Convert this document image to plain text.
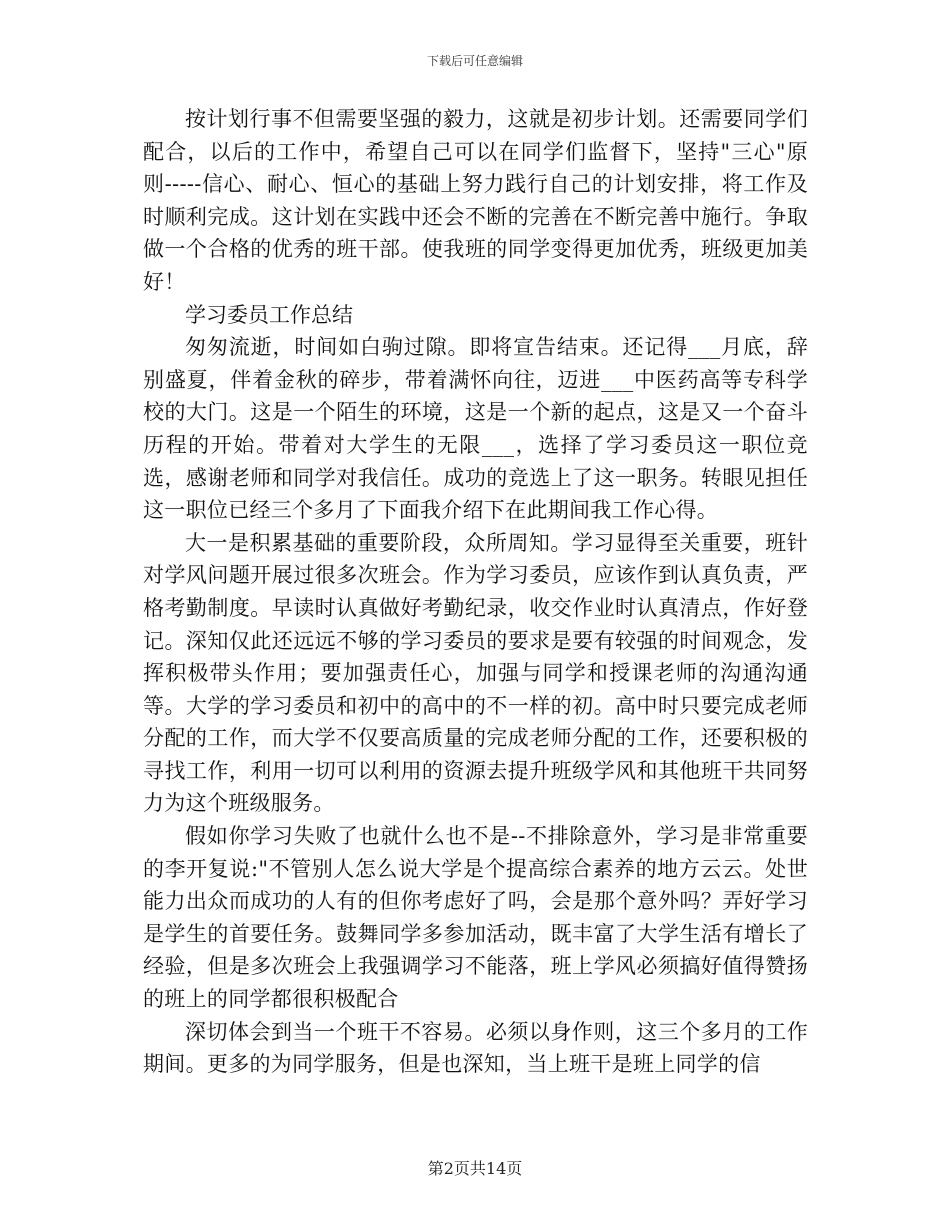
下载后可任意编辑

按计划行事不但需要坚强的毅力，这就是初步计划。还需要同学们配合，以后的工作中，希望自己可以在同学们监督下，坚持"三心"原则-----信心、耐心、恒心的基础上努力践行自己的计划安排，将工作及时顺利完成。这计划在实践中还会不断的完善在不断完善中施行。争取做一个合格的优秀的班干部。使我班的同学变得更加优秀，班级更加美好！

学习委员工作总结

匆匆流逝，时间如白驹过隙。即将宣告结束。还记得___月底，辞别盛夏，伴着金秋的碎步，带着满怀向往，迈进___中医药高等专科学校的大门。这是一个陌生的环境，这是一个新的起点，这是又一个奋斗历程的开始。带着对大学生的无限___，选择了学习委员这一职位竞选，感谢老师和同学对我信任。成功的竞选上了这一职务。转眼见担任这一职位已经三个多月了下面我介绍下在此期间我工作心得。

大一是积累基础的重要阶段，众所周知。学习显得至关重要，班针对学风问题开展过很多次班会。作为学习委员，应该作到认真负责，严格考勤制度。早读时认真做好考勤纪录，收交作业时认真清点，作好登记。深知仅此还远远不够的学习委员的要求是要有较强的时间观念，发挥积极带头作用；要加强责任心，加强与同学和授课老师的沟通沟通等。大学的学习委员和初中的高中的不一样的初。高中时只要完成老师分配的工作，而大学不仅要高质量的完成老师分配的工作，还要积极的寻找工作，利用一切可以利用的资源去提升班级学风和其他班干共同努力为这个班级服务。

假如你学习失败了也就什么也不是--不排除意外，学习是非常重要的李开复说:"不管别人怎么说大学是个提高综合素养的地方云云。处世能力出众而成功的人有的但你考虑好了吗，会是那个意外吗？弄好学习是学生的首要任务。鼓舞同学多参加活动，既丰富了大学生活有增长了经验，但是多次班会上我强调学习不能落，班上学风必须搞好值得赞扬的班上的同学都很积极配合

深切体会到当一个班干不容易。必须以身作则，这三个多月的工作期间。更多的为同学服务，但是也深知，当上班干是班上同学的信

第2页共14页
